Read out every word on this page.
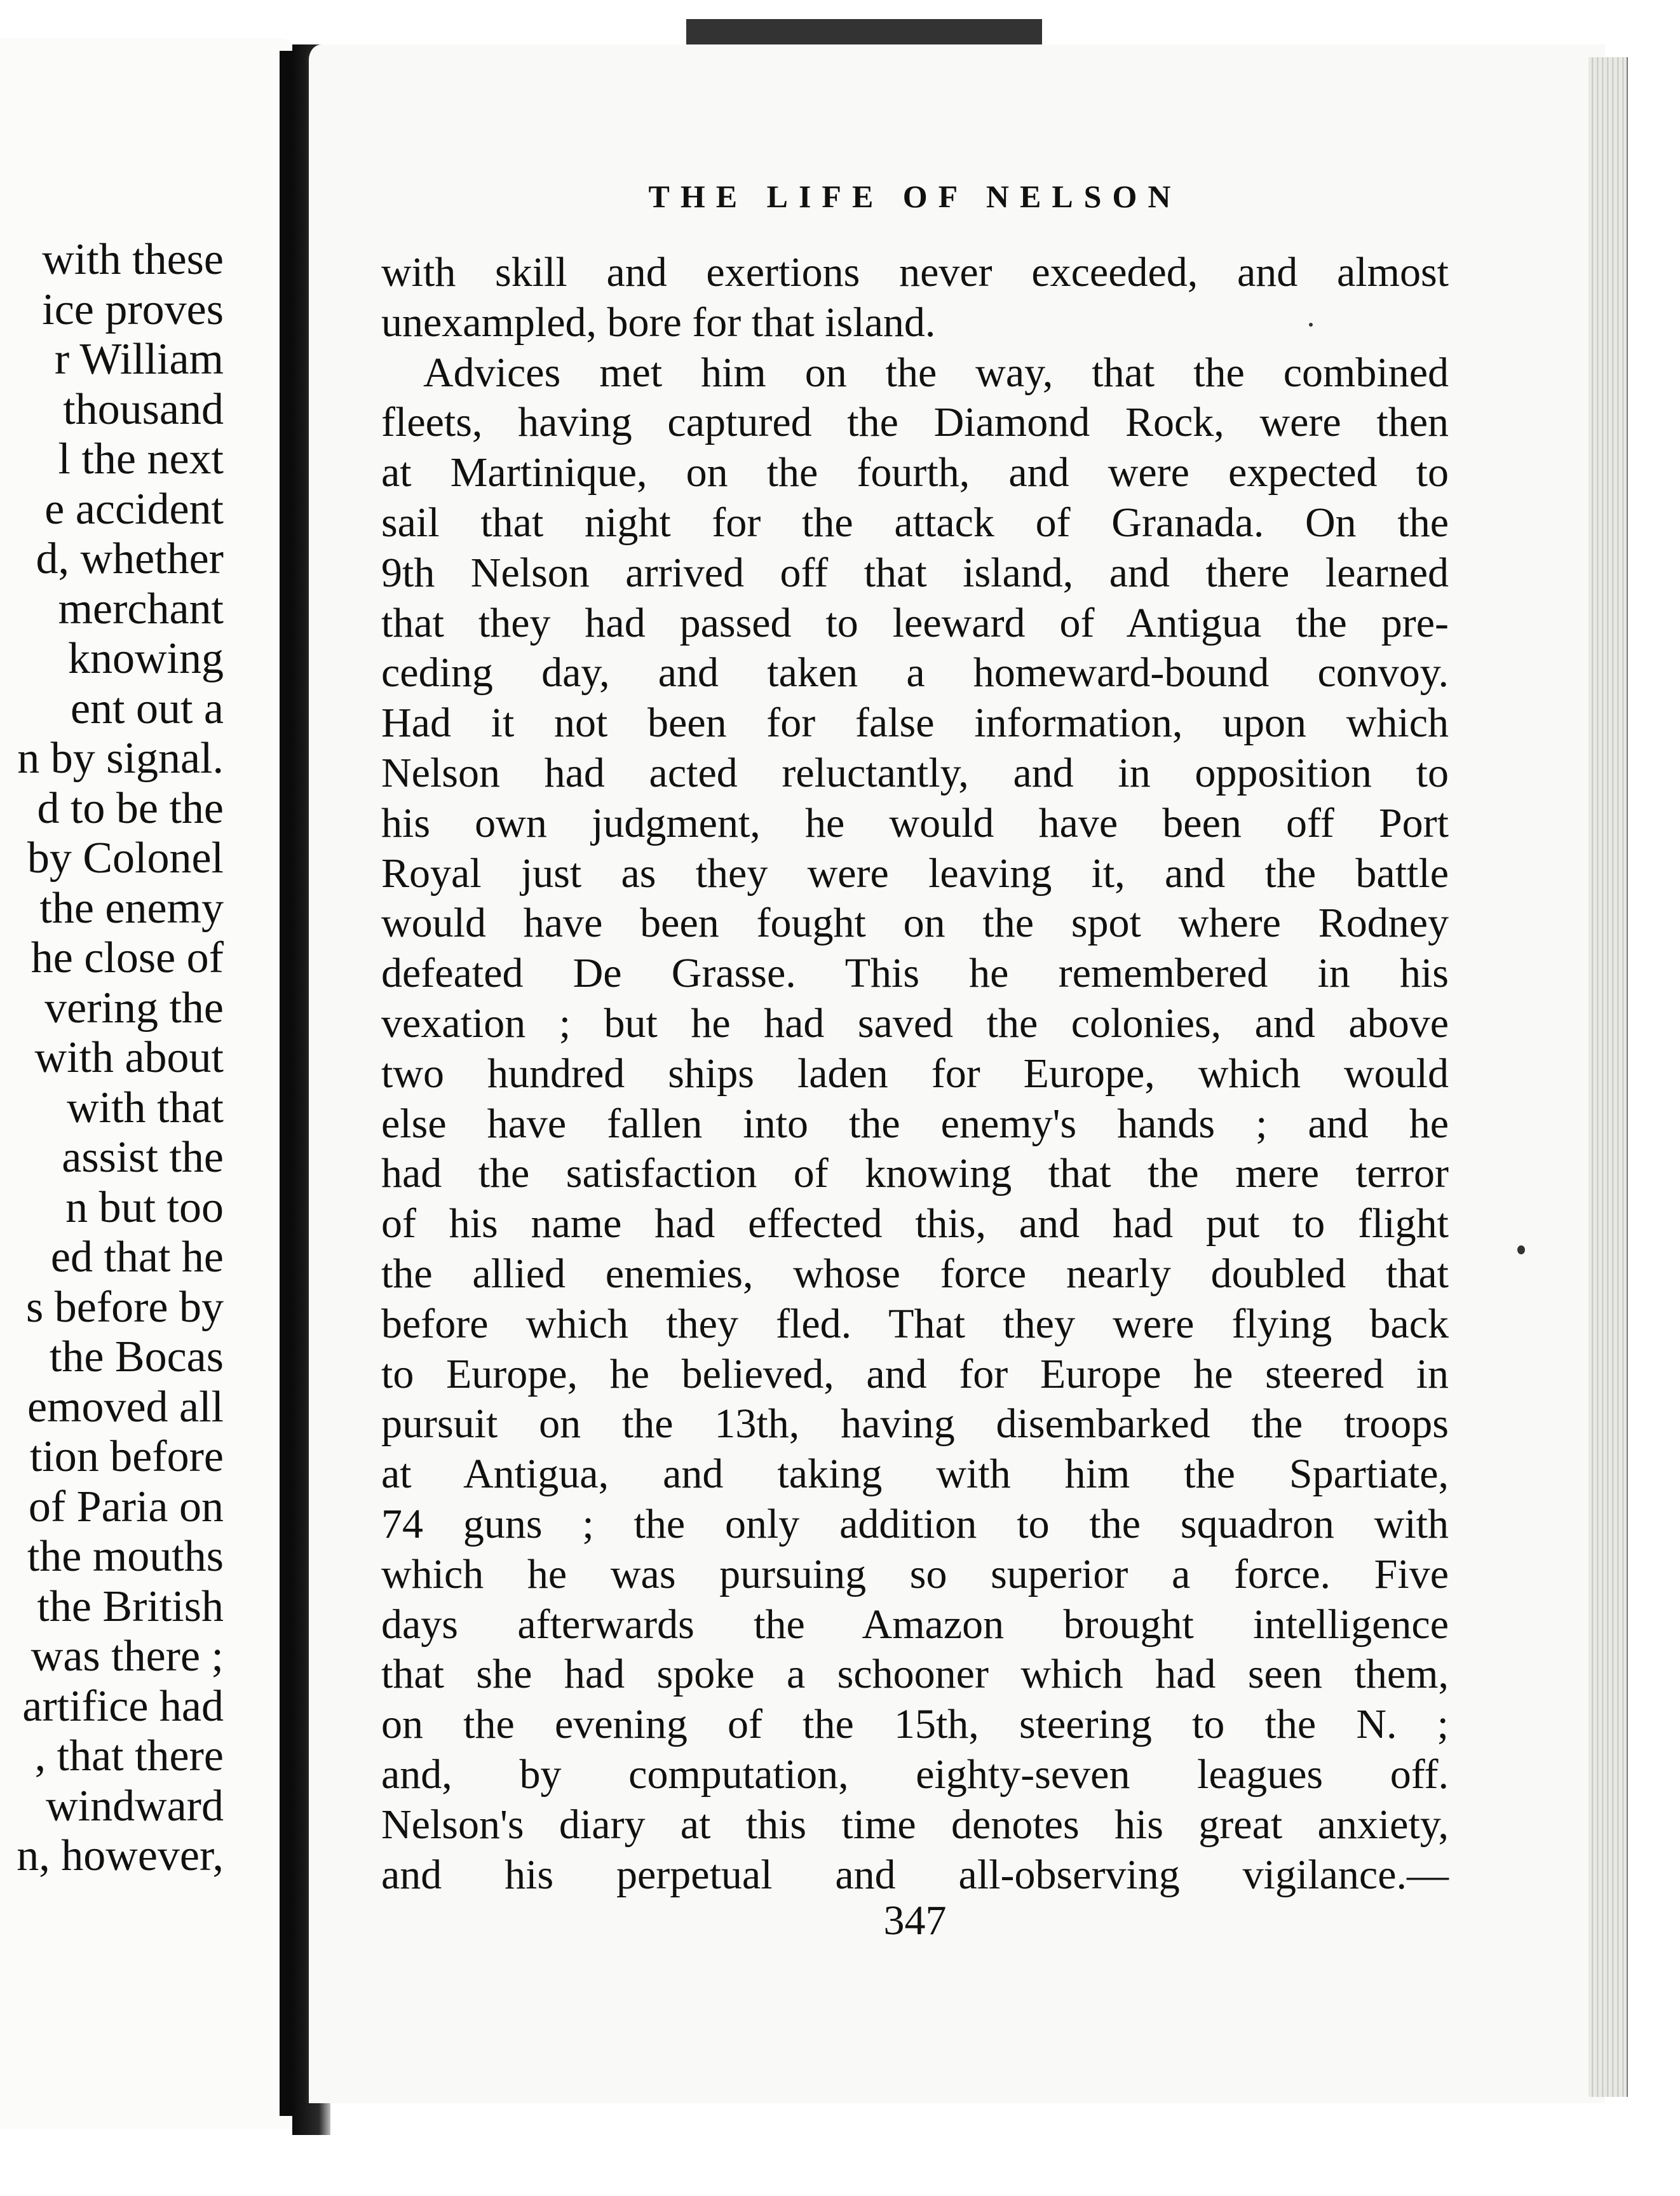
with these
ice proves
r William
thousand
l the next
e accident
d, whether
merchant
knowing
ent out a
n by signal.
d to be the
by Colonel
the enemy
he close of
vering the
with about
with that
assist the
n but too
ed that he
s before by
the Bocas
emoved all
tion before
of Paria on
the mouths
the British
was there ;
artifice had
, that there
windward
n, however,
THE LIFE OF NELSON
with skill and exertions never exceeded, and almost
unexampled, bore for that island.
Advices met him on the way, that the combined
fleets, having captured the Diamond Rock, were then
at Martinique, on the fourth, and were expected to
sail that night for the attack of Granada. On the
9th Nelson arrived off that island, and there learned
that they had passed to leeward of Antigua the pre-
ceding day, and taken a homeward-bound convoy.
Had it not been for false information, upon which
Nelson had acted reluctantly, and in opposition to
his own judgment, he would have been off Port
Royal just as they were leaving it, and the battle
would have been fought on the spot where Rodney
defeated De Grasse. This he remembered in his
vexation ; but he had saved the colonies, and above
two hundred ships laden for Europe, which would
else have fallen into the enemy's hands ; and he
had the satisfaction of knowing that the mere terror
of his name had effected this, and had put to flight
the allied enemies, whose force nearly doubled that
before which they fled. That they were flying back
to Europe, he believed, and for Europe he steered in
pursuit on the 13th, having disembarked the troops
at Antigua, and taking with him the Spartiate,
74 guns ; the only addition to the squadron with
which he was pursuing so superior a force. Five
days afterwards the Amazon brought intelligence
that she had spoke a schooner which had seen them,
on the evening of the 15th, steering to the N. ;
and, by computation, eighty-seven leagues off.
Nelson's diary at this time denotes his great anxiety,
and his perpetual and all-observing vigilance.—
347
